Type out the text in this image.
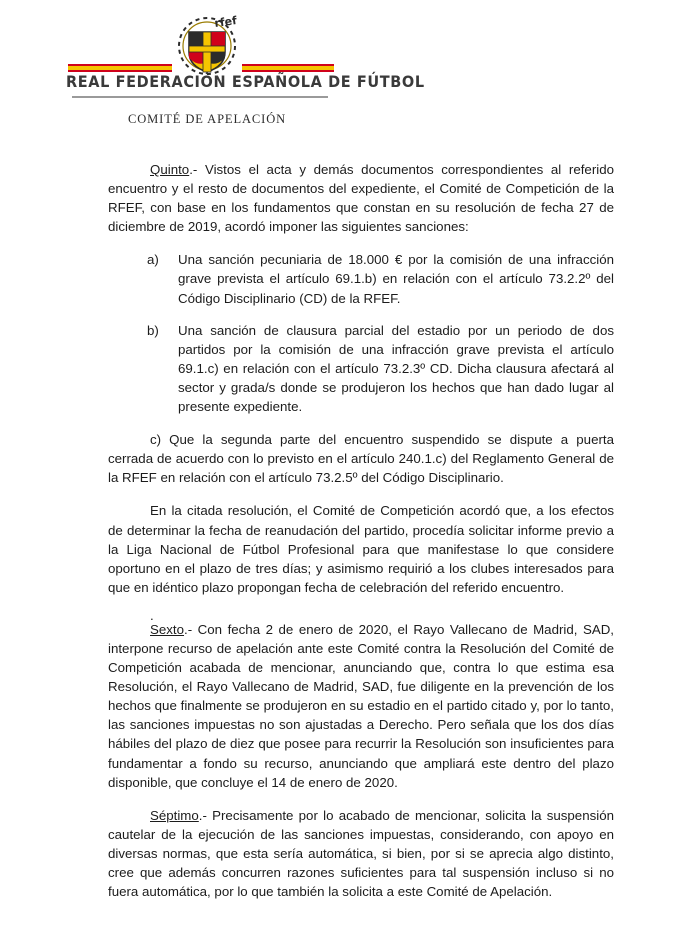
rfef
REAL FEDERACIÓN ESPAÑOLA DE FÚTBOL
COMITÉ DE APELACIÓN

Quinto.- Vistos el acta y demás documentos correspondientes al referido encuentro y el resto de documentos del expediente, el Comité de Competición de la RFEF, con base en los fundamentos que constan en su resolución de fecha 27 de diciembre de 2019, acordó imponer las siguientes sanciones:

a)	Una sanción pecuniaria de 18.000 € por la comisión de una infracción grave prevista el artículo 69.1.b) en relación con el artículo 73.2.2º del Código Disciplinario (CD) de la RFEF.
b)	Una sanción de clausura parcial del estadio por un periodo de dos partidos por la comisión de una infracción grave prevista el artículo 69.1.c) en relación con el artículo 73.2.3º CD. Dicha clausura afectará al sector y grada/s donde se produjeron los hechos que han dado lugar al presente expediente.

c) Que la segunda parte del encuentro suspendido se dispute a puerta cerrada de acuerdo con lo previsto en el artículo 240.1.c) del Reglamento General de la RFEF en relación con el artículo 73.2.5º del Código Disciplinario.

En la citada resolución, el Comité de Competición acordó que, a los efectos de determinar la fecha de reanudación del partido, procedía solicitar informe previo a la Liga Nacional de Fútbol Profesional para que manifestase lo que considere oportuno en el plazo de tres días; y asimismo requirió a los clubes interesados para que en idéntico plazo propongan fecha de celebración del referido encuentro.

.

Sexto.- Con fecha 2 de enero de 2020, el Rayo Vallecano de Madrid, SAD, interpone recurso de apelación ante este Comité contra la Resolución del Comité de Competición acabada de mencionar, anunciando que, contra lo que estima esa Resolución, el Rayo Vallecano de Madrid, SAD, fue diligente en la prevención de los hechos que finalmente se produjeron en su estadio en el partido citado y, por lo tanto, las sanciones impuestas no son ajustadas a Derecho. Pero señala que los dos días hábiles del plazo de diez que posee para recurrir la Resolución son insuficientes para fundamentar a fondo su recurso, anunciando que ampliará este dentro del plazo disponible, que concluye el 14 de enero de 2020.

Séptimo.- Precisamente por lo acabado de mencionar, solicita la suspensión cautelar de la ejecución de las sanciones impuestas, considerando, con apoyo en diversas normas, que esta sería automática, si bien, por si se aprecia algo distinto, cree que además concurren razones suficientes para tal suspensión incluso si no fuera automática, por lo que también la solicita a este Comité de Apelación.
